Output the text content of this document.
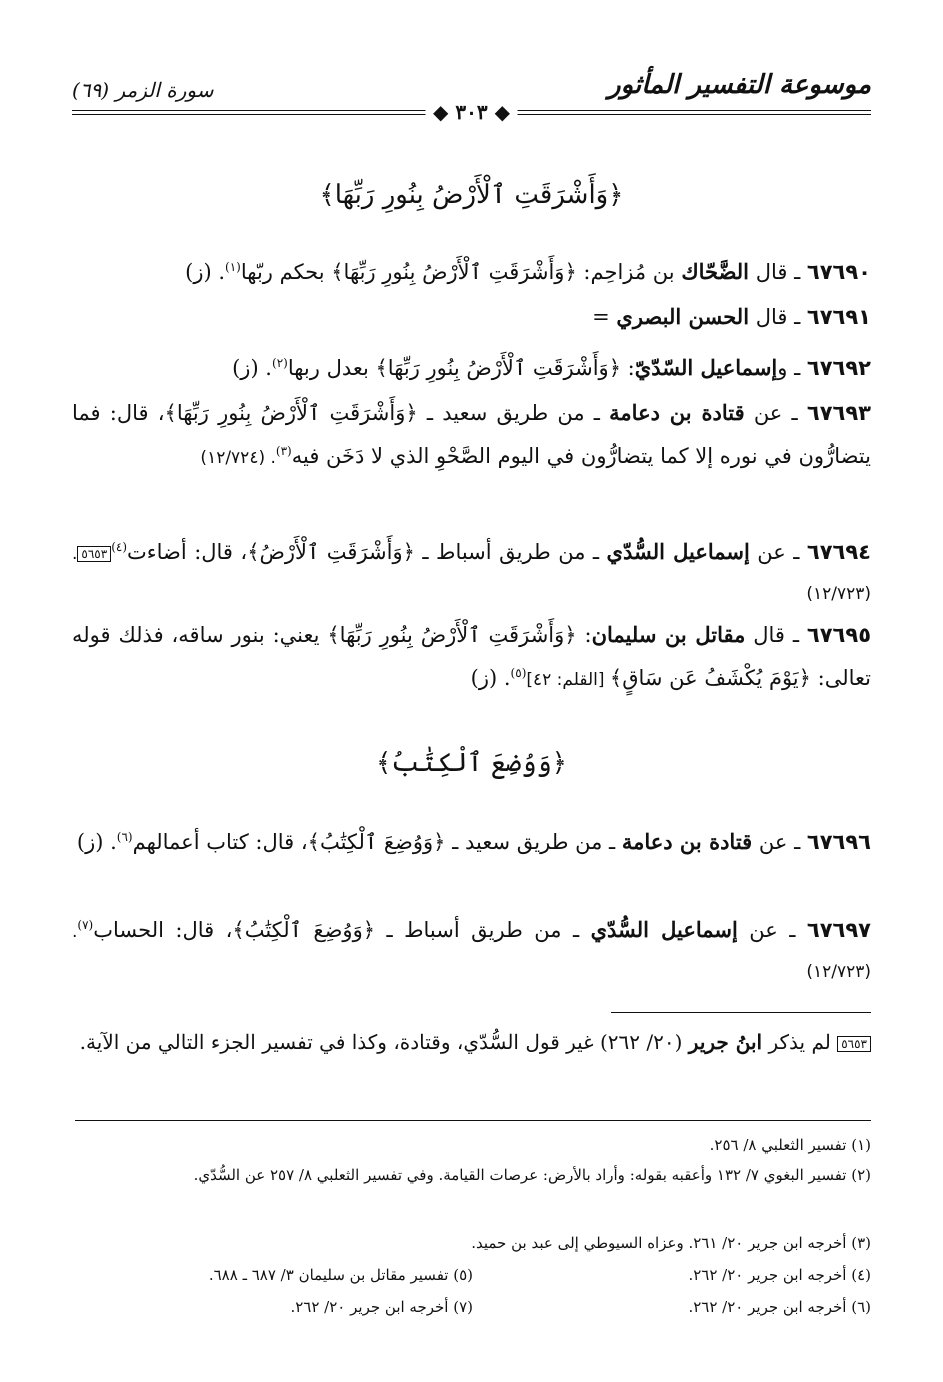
موسوعة التفسير المأثور
سورة الزمر (٦٩)
◆ ٣٠٣ ◆
﴿وَأَشْرَقَتِ ٱلْأَرْضُ بِنُورِ رَبِّهَا﴾
٦٧٦٩٠ ـ قال الضَّحّاك بن مُزاحِم: ﴿وَأَشْرَقَتِ ٱلْأَرْضُ بِنُورِ رَبِّهَا﴾ بحكم ربّها$^{(١)}$. (ز)
٦٧٦٩١ ـ قال الحسن البصري =
٦٧٦٩٢ ـ وإسماعيل السّدّيّ: ﴿وَأَشْرَقَتِ ٱلْأَرْضُ بِنُورِ رَبِّهَا﴾ بعدل ربها$^{(٢)}$. (ز)
٦٧٦٩٣ ـ عن قتادة بن دعامة ـ من طريق سعيد ـ ﴿وَأَشْرَقَتِ ٱلْأَرْضُ بِنُورِ رَبِّهَا﴾، قال: فما يتضارُّون في نوره إلا كما يتضارُّون في اليوم الصَّحْوِ الذي لا دَخَن فيه$^{(٣)}$. (١٢/٧٢٤)
٦٧٦٩٤ ـ عن إسماعيل السُّدّي ـ من طريق أسباط ـ ﴿وَأَشْرَقَتِ ٱلْأَرْضُ﴾، قال: أضاءت$^{(٤)}$٥٦٥٣. (١٢/٧٢٣)
٦٧٦٩٥ ـ قال مقاتل بن سليمان: ﴿وَأَشْرَقَتِ ٱلْأَرْضُ بِنُورِ رَبِّهَا﴾ يعني: بنور ساقه، فذلك قوله تعالى: ﴿يَوْمَ يُكْشَفُ عَن سَاقٍ﴾ [القلم: ٤٢]$^{(٥)}$. (ز)
﴿وَوُضِعَ ٱلْكِتَٰبُ﴾
٦٧٦٩٦ ـ عن قتادة بن دعامة ـ من طريق سعيد ـ ﴿وَوُضِعَ ٱلْكِتَٰبُ﴾، قال: كتاب أعمالهم$^{(٦)}$. (ز)
٦٧٦٩٧ ـ عن إسماعيل السُّدّي ـ من طريق أسباط ـ ﴿وَوُضِعَ ٱلْكِتَٰبُ﴾، قال: الحساب$^{(٧)}$. (١٢/٧٢٣)
٥٦٥٣ لم يذكر ابنُ جرير (٢٠/ ٢٦٢) غير قول السُّدّي، وقتادة، وكذا في تفسير الجزء التالي من الآية.
(١) تفسير الثعلبي ٨/ ٢٥٦.
(٢) تفسير البغوي ٧/ ١٣٢ وأعقبه بقوله: وأراد بالأرض: عرصات القيامة. وفي تفسير الثعلبي ٨/ ٢٥٧ عن السُّدّي.
(٣) أخرجه ابن جرير ٢٠/ ٢٦١. وعزاه السيوطي إلى عبد بن حميد.
(٤) أخرجه ابن جرير ٢٠/ ٢٦٢.
(٥) تفسير مقاتل بن سليمان ٣/ ٦٨٧ ـ ٦٨٨.
(٦) أخرجه ابن جرير ٢٠/ ٢٦٢.
(٧) أخرجه ابن جرير ٢٠/ ٢٦٢.
